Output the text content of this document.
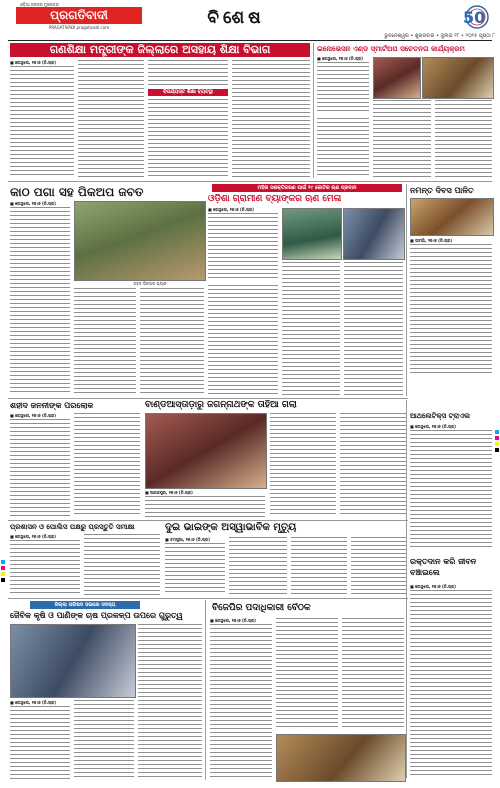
ଓଡ଼ିଆ ଜନତାର ମୁଖପତ୍ର
ପ୍ରଗତିବାଦୀ
PRAGATIVADI pragativadi.com	ବିଶେଷ	50
ଭୁବନେଶ୍ୱର • ଶୁକ୍ରବାର • ଜୁଲାଇ ୧୮ • ୨୦୨୫ ପୃଷ୍ଠା ୮
ଗଣଶିକ୍ଷା ମନ୍ତ୍ରୀଙ୍କ ଜିଲ୍ଲାରେ ଅସହାୟ ଶିକ୍ଷା ବିଭାଗ
■ କେନ୍ଦୁଝର, ୧୭।୭ (ନି.ପ୍ର)
ବିପର୍ଯ୍ୟସ୍ତ ଶିକ୍ଷା ବ୍ୟବସ୍ଥା
ଇନୋଭେସନ ଏଣ୍ଡ ସ୍ମାର୍ଟଅପ ସଚେତନତା କାର୍ଯ୍ୟକ୍ରମ
■ କେନ୍ଦୁଝର, ୧୭।୭ (ନି.ପ୍ର)
କାଠ ପଗା ସହ ପିକଅପ ଜବତ
■ କେନ୍ଦୁଝର, ୧୭।୭ (ନି.ପ୍ର)
ଜବତ ପିକଅପ ଭ୍ୟାନ
ମହିଳା ସଶକ୍ତିକରଣ ପାଇଁ ୧୯ କୋଟିର ଋଣ ପ୍ରଦାନ
ଓଡ଼ିଶା ଗ୍ରାମୀଣ ବ୍ୟାଙ୍କର ଋଣ ମେଳା
■ କେନ୍ଦୁଝର, ୧୭।୭ (ନି.ପ୍ର)
ନମନ୍ତ ଦିବସ ପାଳିତ
■ ଘଟଗାଁ, ୧୭।୭ (ନି.ପ୍ର)
ଶହୀଦ ଜନନୀଙ୍କ ପରଲୋକ
■ କେନ୍ଦୁଝର, ୧୭।୭ (ନି.ପ୍ର)
ବାଣ୍ଡଆସ୍ତାଡ଼ାରୁ ଜଗନ୍ନାଥଙ୍କ ତାହିଆ ଗଲା
■ ଆନନ୍ଦପୁର, ୧୭।୭ (ନି.ପ୍ର)
ଆଥଲେଟିକ୍ସ ଟ୍ରାଏଲ
■ କେନ୍ଦୁଝର, ୧୭।୭ (ନି.ପ୍ର)
ପ୍ରଶାସନ ଓ ପୋଲିସ ପକ୍ଷରୁ ପ୍ରସ୍ତୁତି ସମୀକ୍ଷା
■ କେନ୍ଦୁଝର, ୧୭।୭ (ନି.ପ୍ର)
ଦୁଇ ଭାଇଙ୍କ ଅସ୍ୱାଭାବିକ ମୃତ୍ୟୁ
■ ଚମ୍ପୁଆ, ୧୭।୭ (ନି.ପ୍ର)
ରକ୍ତଦାନ କରି ଜୀବନ ବଞ୍ଚାଇଲେ
■ କେନ୍ଦୁଝର, ୧୭।୭ (ନି.ପ୍ର)
ଜିଲ୍ଲା ପରିଷଦ ସଭାରେ ସଦସ୍ୟ
ଜୈବିକ କୃଷି ଓ ପାଣିଙ୍କ ଚାଷ ପ୍ରକଳ୍ପ ଉପରେ ଗୁରୁତ୍ୱ
■ କେନ୍ଦୁଝର, ୧୭।୭ (ନି.ପ୍ର)
ବିଜେପିର ପଦାଧିକାରୀ ବୈଠକ
■ କେନ୍ଦୁଝର, ୧୭।୭ (ନି.ପ୍ର)
